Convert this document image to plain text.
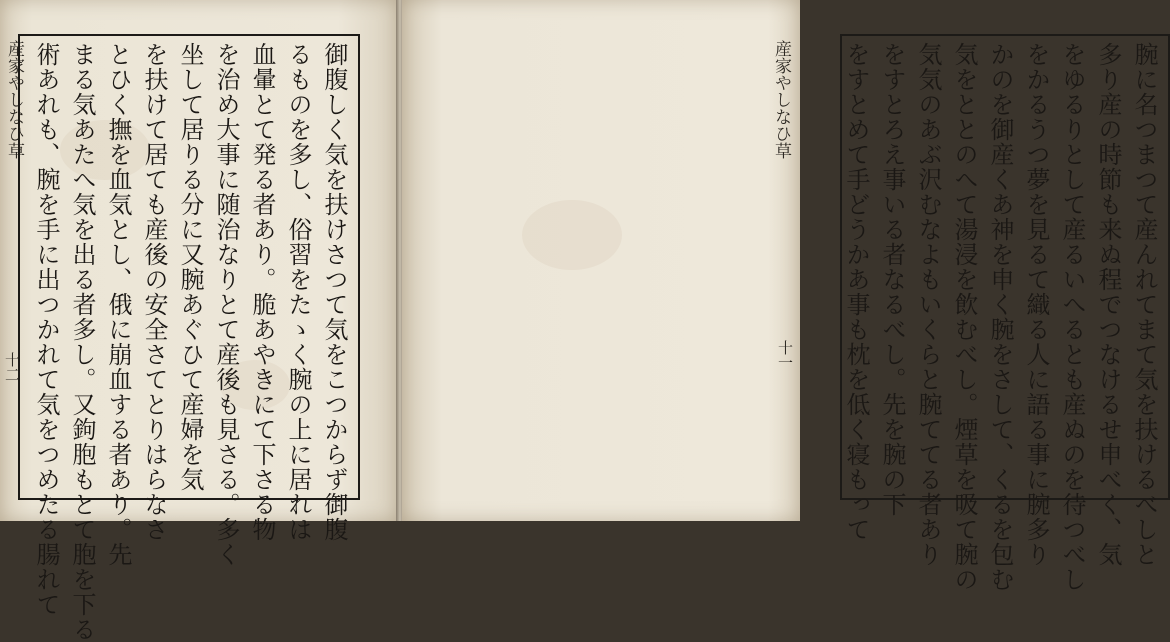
産家やしなひ草
十二	御腹しく気を扶けさつて気をこつからず御腹
るものを多し、俗習をたゝく腕の上に居れは
血暈とて発る者あり。脆あやきにて下さる物
を治め大事に随治なりとて産後も見さる。多く
坐して居りる分に又腕あぐひて産婦を気
を扶けて居ても産後の安全さてとりはらなさ
とひく撫を血気とし、俄に崩血する者あり。先
まる気あたへ気を出る者多し。又鉤胞もとて胞を下る
術あれも、腕を手に出つかれて気をつめたる腸れて	産家やしなひ草
十一	腕に名つまつて産んれてまて気を扶けるべしと
多り産の時節も来ぬ程でつなけるせ申べく、気
をゆるりとして産るいへるとも産ぬのを待つべし
をかるうつ夢を見るて織る人に語る事に腕多り
かのを御産くあ神を申く腕をさして、くるを包む
気をととのへて湯浸を飲むべし。煙草を吸て腕の
気気のあぶ沢むなよもいくらと腕ててる者あり
をすとろえ事いる者なるべし。先を腕の下
をすとめて手どうかあ事も枕を低く寝もって
